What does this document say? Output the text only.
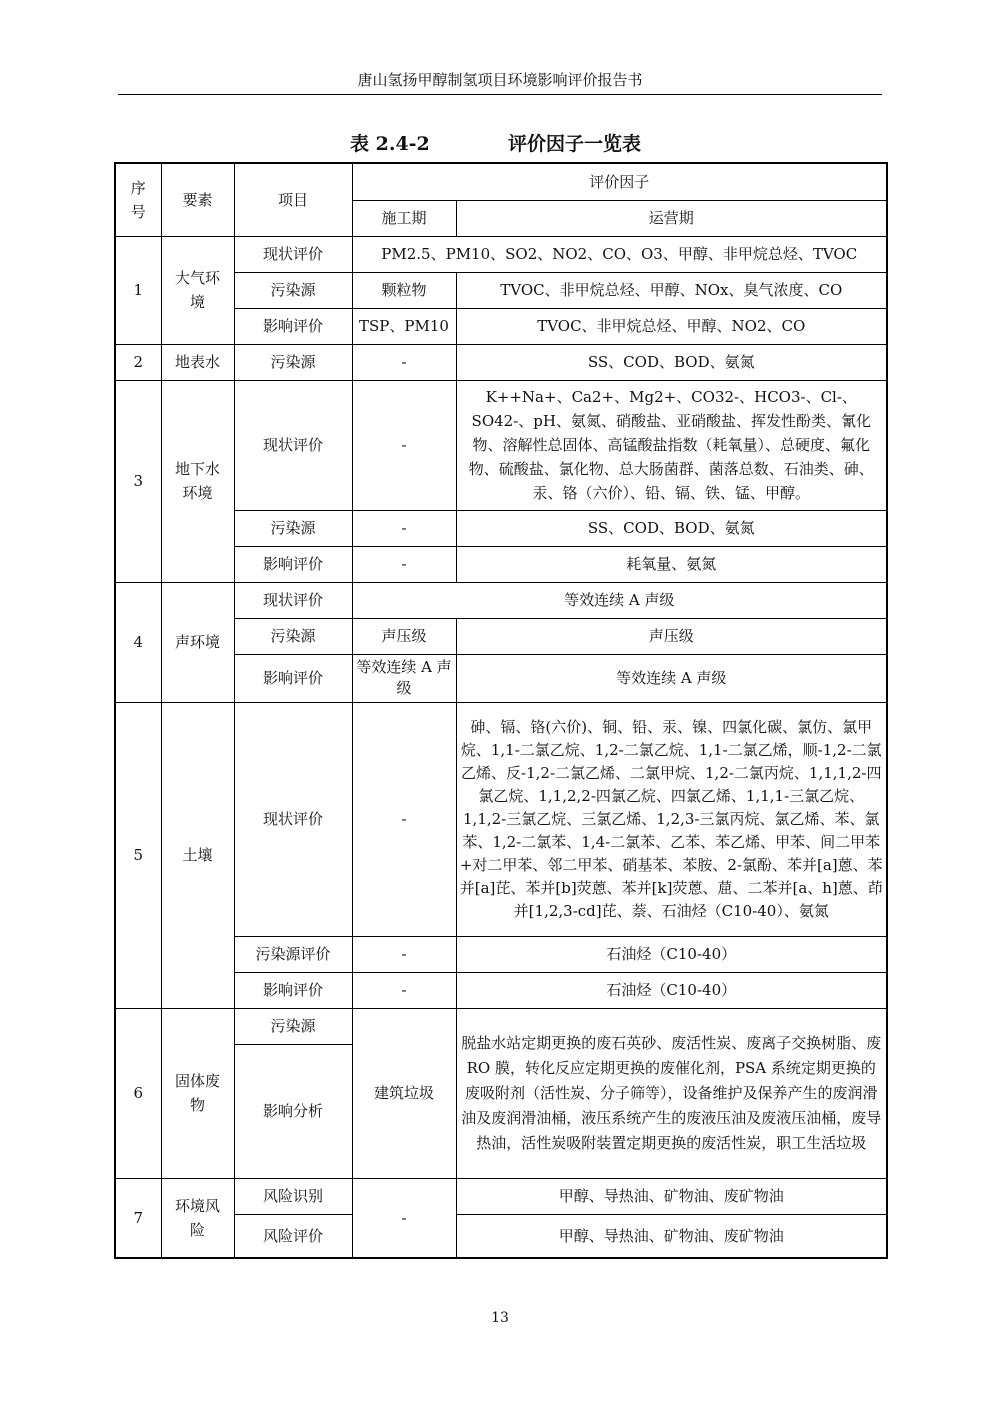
唐山氢扬甲醇制氢项目环境影响评价报告书
表 2.4-2	评价因子一览表
序号	要素	项目	评价因子	
			施工期	运营期
1	大气环境	现状评价	PM2.5、PM10、SO2、NO2、CO、O3、甲醇、非甲烷总烃、TVOC	
		污染源	颗粒物	TVOC、非甲烷总烃、甲醇、NOx、臭气浓度、CO
		影响评价	TSP、PM10	TVOC、非甲烷总烃、甲醇、NO2、CO
2	地表水	污染源	-	SS、COD、BOD、氨氮
3	地下水环境	现状评价	-	K++Na+、Ca2+、Mg2+、CO32-、HCO3-、Cl-、SO42-、pH、氨氮、硝酸盐、亚硝酸盐、挥发性酚类、氰化物、溶解性总固体、高锰酸盐指数（耗氧量）、总硬度、氟化物、硫酸盐、氯化物、总大肠菌群、菌落总数、石油类、砷、汞、铬（六价）、铅、镉、铁、锰、甲醇。
		污染源	-	SS、COD、BOD、氨氮
		影响评价	-	耗氧量、氨氮
4	声环境	现状评价	等效连续 A 声级	
		污染源	声压级	声压级
		影响评价	等效连续 A 声级	等效连续 A 声级
5	土壤	现状评价	-	砷、镉、铬(六价)、铜、铅、汞、镍、四氯化碳、氯仿、氯甲烷、1,1-二氯乙烷、1,2-二氯乙烷、1,1-二氯乙烯，顺-1,2-二氯乙烯、反-1,2-二氯乙烯、二氯甲烷、1,2-二氯丙烷、1,1,1,2-四氯乙烷、1,1,2,2-四氯乙烷、四氯乙烯、1,1,1-三氯乙烷、1,1,2-三氯乙烷、三氯乙烯、1,2,3-三氯丙烷、氯乙烯、苯、氯苯、1,2-二氯苯、1,4-二氯苯、乙苯、苯乙烯、甲苯、间二甲苯+对二甲苯、邻二甲苯、硝基苯、苯胺、2-氯酚、苯并[a]蒽、苯并[a]芘、苯并[b]荧蒽、苯并[k]荧蒽、䓛、二苯并[a、h]蒽、茚并[1,2,3-cd]芘、萘、石油烃（C10-40）、氨氮
		污染源评价	-	石油烃（C10-40）
		影响评价	-	石油烃（C10-40）
6	固体废物	污染源	建筑垃圾	脱盐水站定期更换的废石英砂、废活性炭、废离子交换树脂、废 RO 膜，转化反应定期更换的废催化剂，PSA 系统定期更换的废吸附剂（活性炭、分子筛等），设备维护及保养产生的废润滑油及废润滑油桶，液压系统产生的废液压油及废液压油桶，废导热油，活性炭吸附装置定期更换的废活性炭，职工生活垃圾
		影响分析		
7	环境风险	风险识别	-	甲醇、导热油、矿物油、废矿物油
		风险评价		甲醇、导热油、矿物油、废矿物油
13
